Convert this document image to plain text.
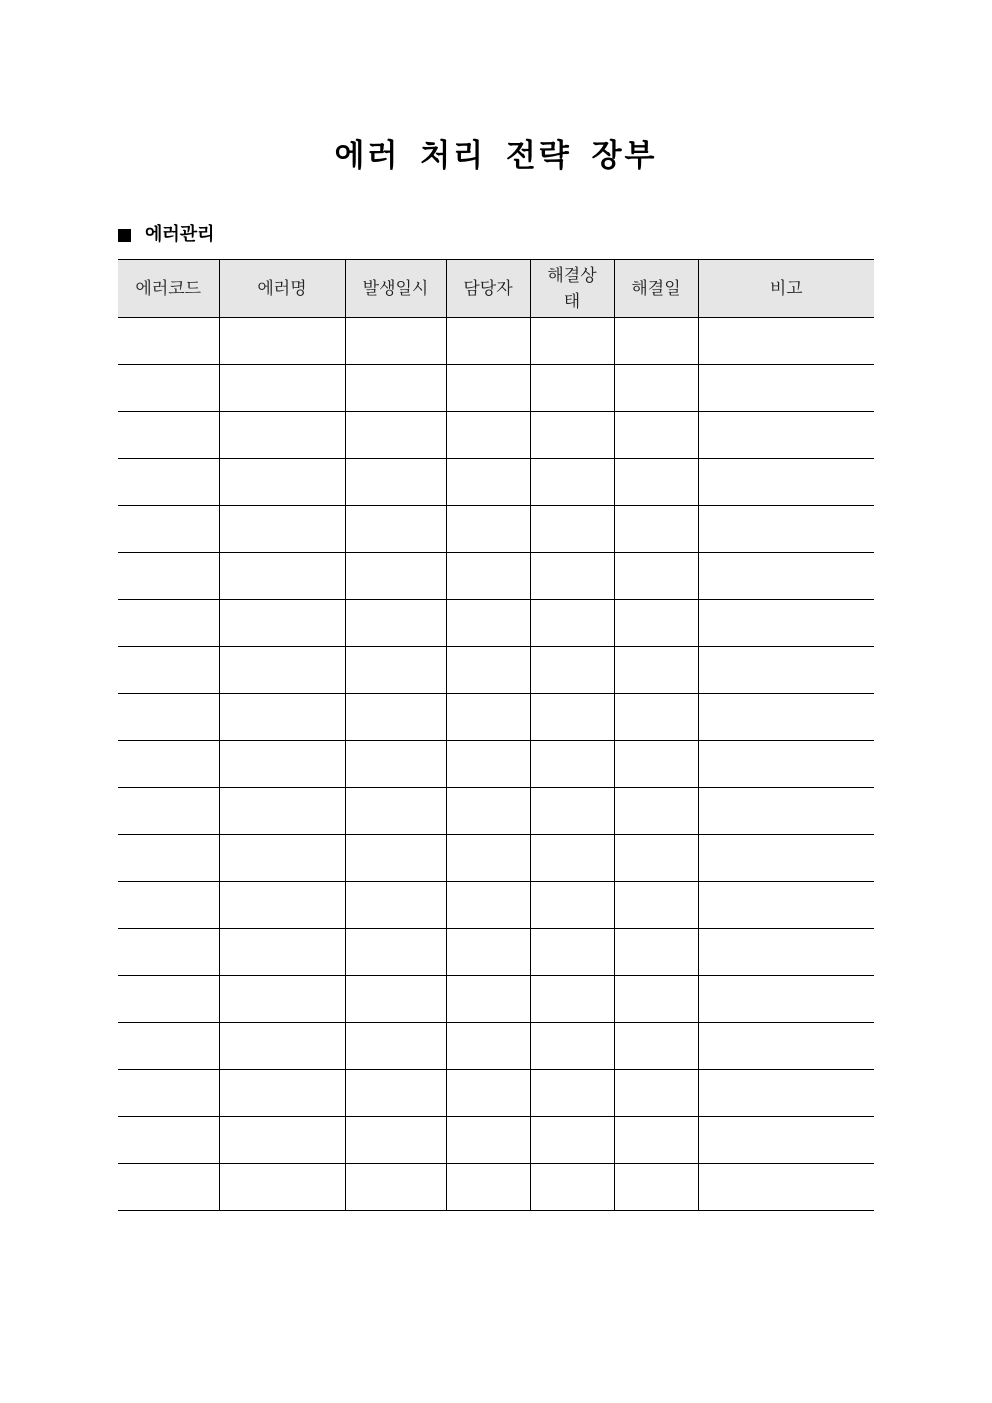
에러 처리 전략 장부
에러관리
에러코드	에러명	발생일시	담당자	해결상태	해결일	비고
